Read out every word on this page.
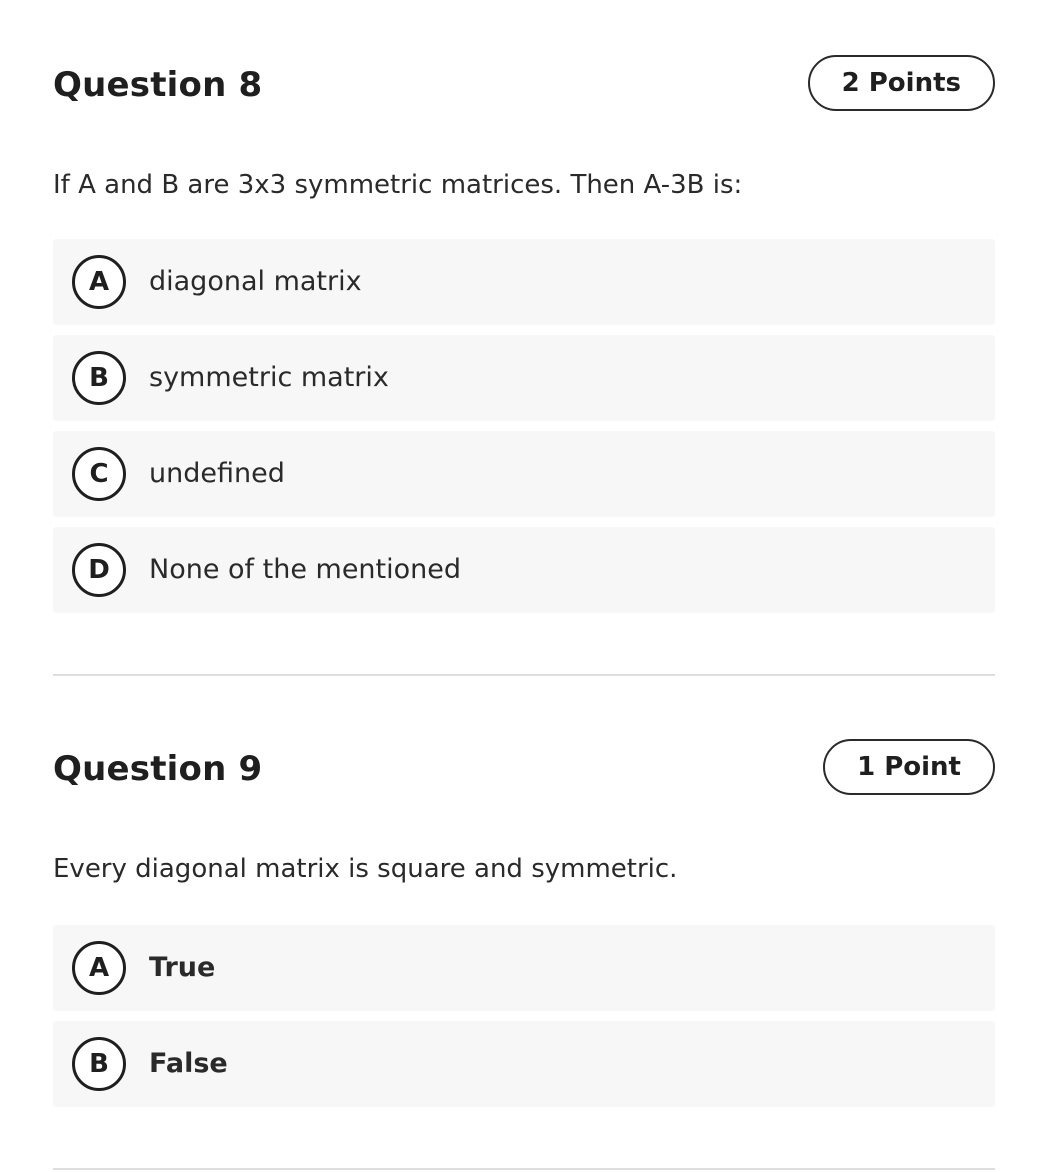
Question 8	2 Points
If A and B are 3x3 symmetric matrices. Then A-3B is:
A	diagonal matrix
B	symmetric matrix
C	undefined
D	None of the mentioned
Question 9	1 Point
Every diagonal matrix is square and symmetric.
A	True
B	False
